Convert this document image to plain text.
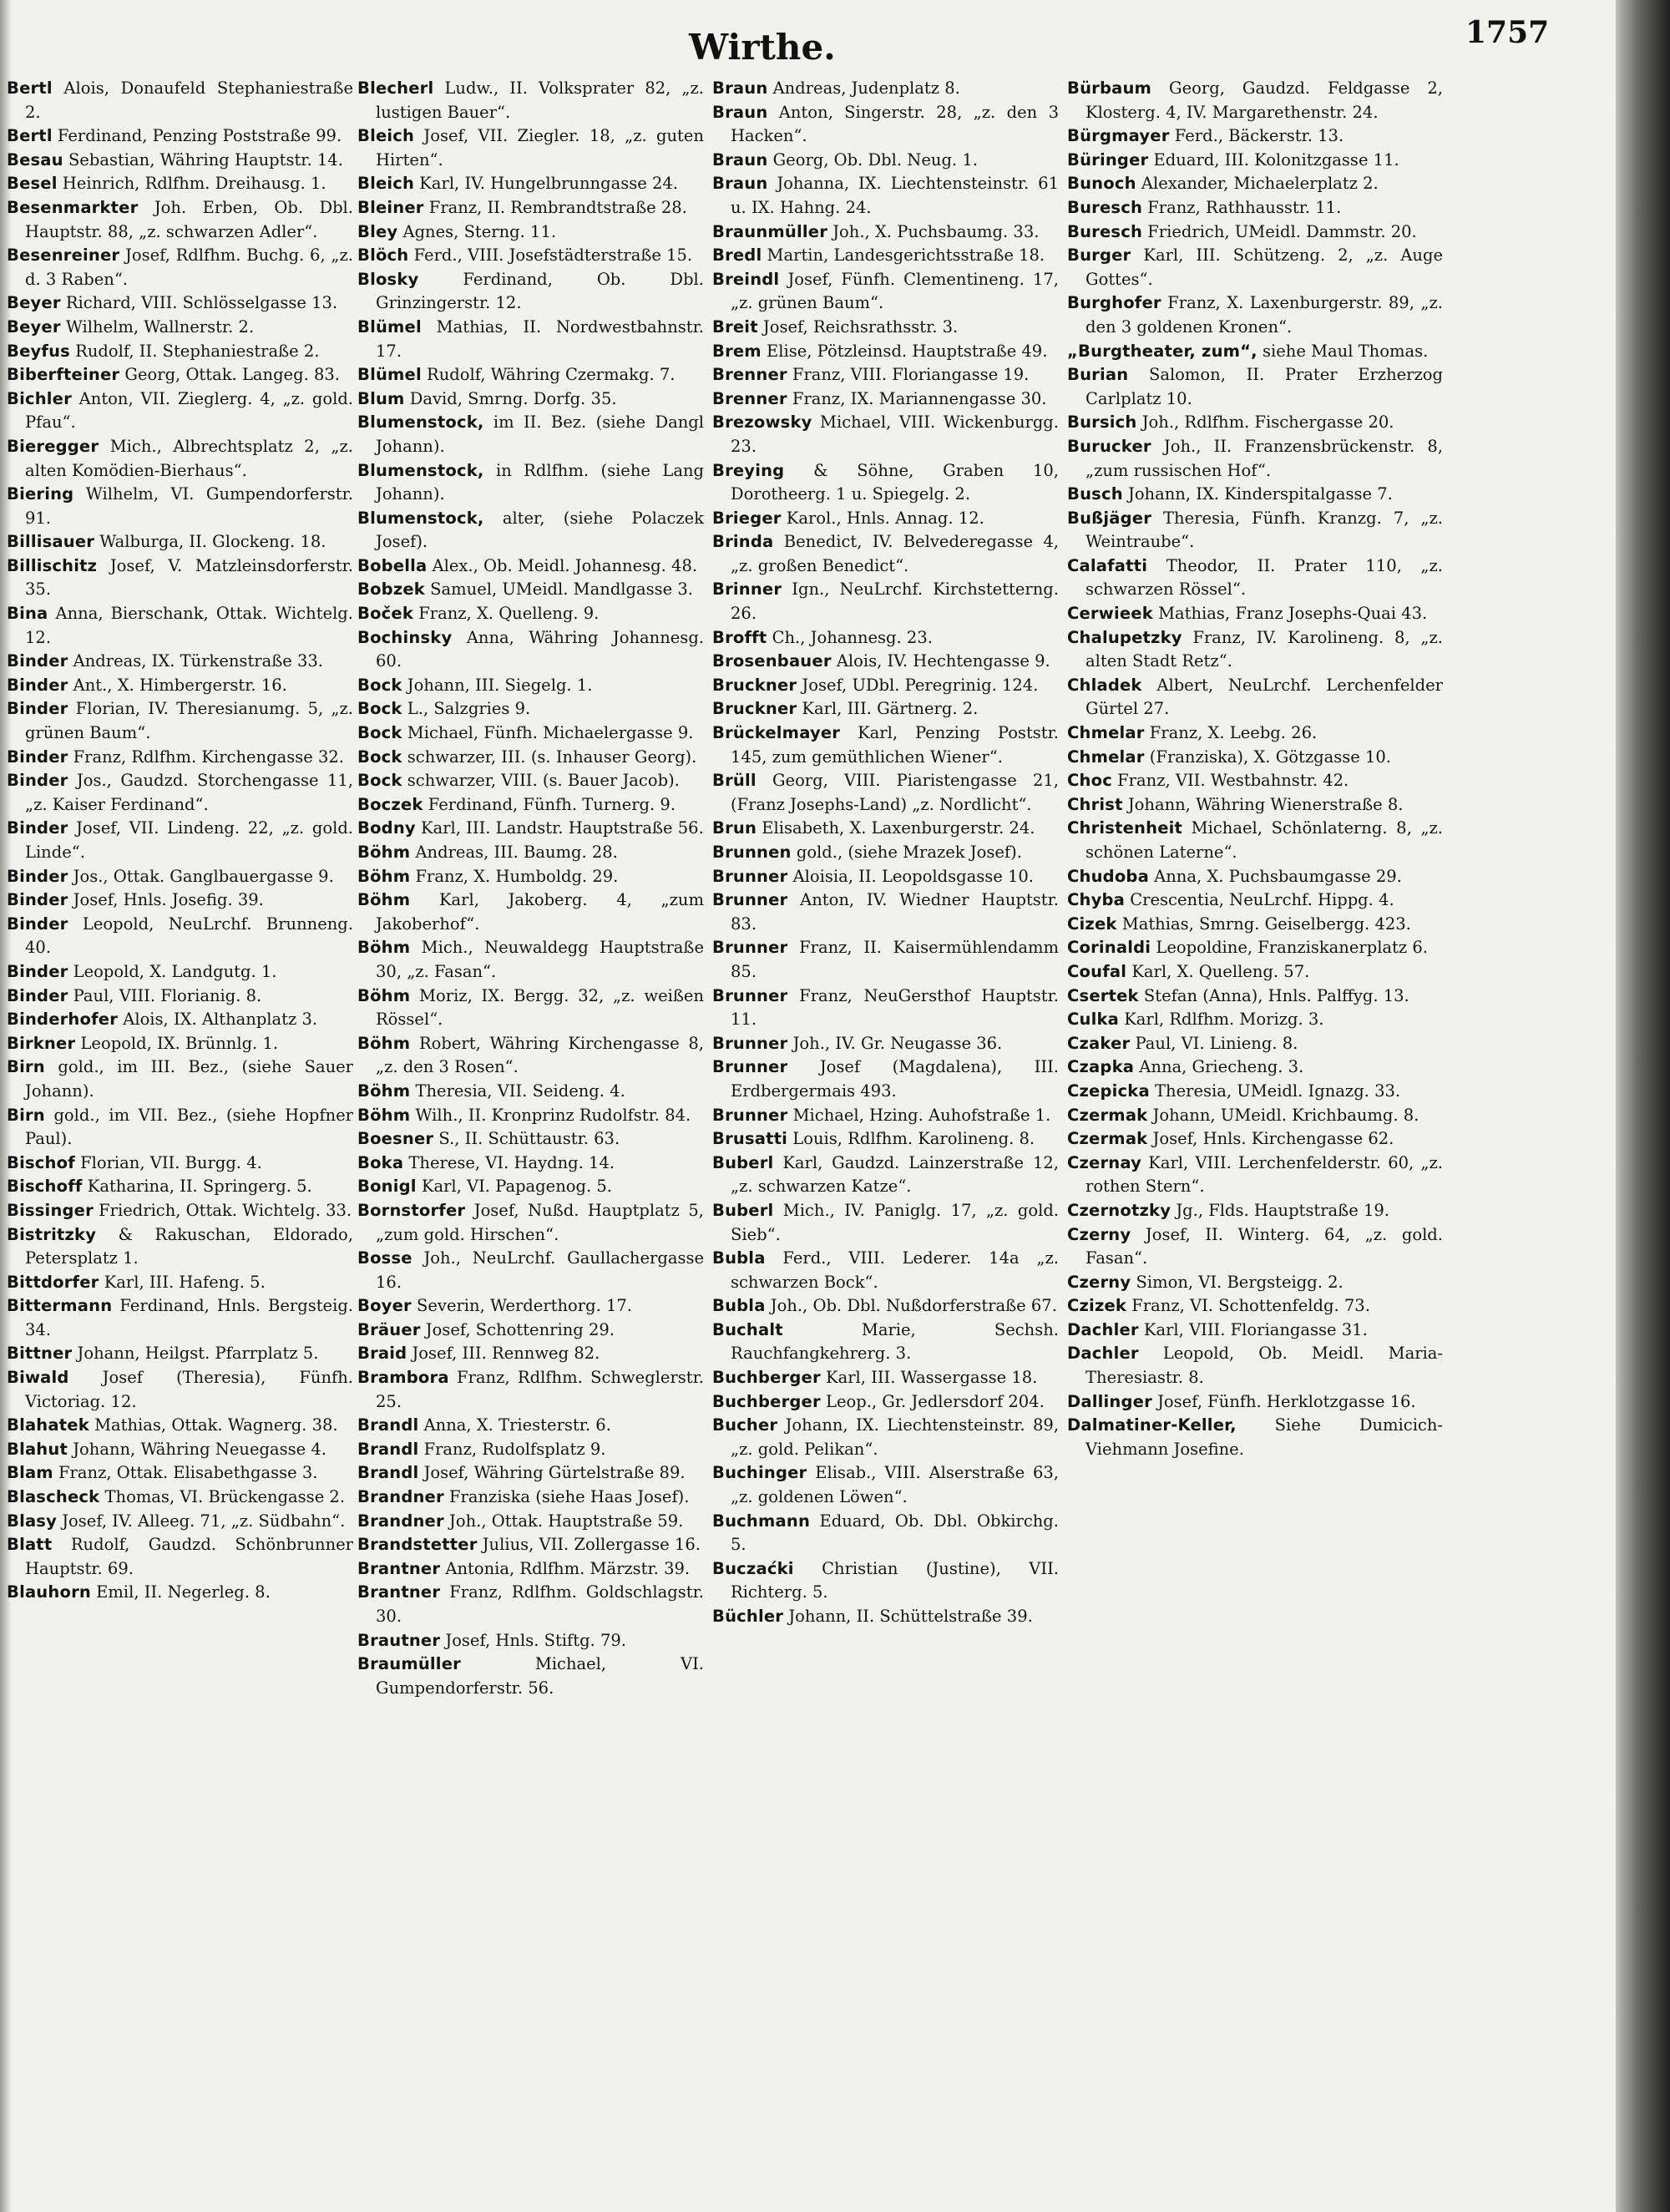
Wirthe.	1757

Bertl Alois, Donaufeld Stephaniestraße 2.

Bertl Ferdinand, Penzing Poststraße 99.

Besau Sebastian, Währing Hauptstr. 14.

Besel Heinrich, Rdlfhm. Dreihausg. 1.

Besenmarkter Joh. Erben, Ob. Dbl. Hauptstr. 88, „z. schwarzen Adler“.

Besenreiner Josef, Rdlfhm. Buchg. 6, „z. d. 3 Raben“.

Beyer Richard, VIII. Schlösselgasse 13.

Beyer Wilhelm, Wallnerstr. 2.

Beyfus Rudolf, II. Stephaniestraße 2.

Biberfteiner Georg, Ottak. Langeg. 83.

Bichler Anton, VII. Zieglerg. 4, „z. gold. Pfau“.

Bieregger Mich., Albrechtsplatz 2, „z. alten Komödien-Bierhaus“.

Biering Wilhelm, VI. Gumpendorferstr. 91.

Billisauer Walburga, II. Glockeng. 18.

Billischitz Josef, V. Matzleinsdorferstr. 35.

Bina Anna, Bierschank, Ottak. Wichtelg. 12.

Binder Andreas, IX. Türkenstraße 33.

Binder Ant., X. Himbergerstr. 16.

Binder Florian, IV. Theresianumg. 5, „z. grünen Baum“.

Binder Franz, Rdlfhm. Kirchengasse 32.

Binder Jos., Gaudzd. Storchengasse 11, „z. Kaiser Ferdinand“.

Binder Josef, VII. Lindeng. 22, „z. gold. Linde“.

Binder Jos., Ottak. Ganglbauergasse 9.

Binder Josef, Hnls. Josefig. 39.

Binder Leopold, NeuLrchf. Brunneng. 40.

Binder Leopold, X. Landgutg. 1.

Binder Paul, VIII. Florianig. 8.

Binderhofer Alois, IX. Althanplatz 3.

Birkner Leopold, IX. Brünnlg. 1.

Birn gold., im III. Bez., (siehe Sauer Johann).

Birn gold., im VII. Bez., (siehe Hopfner Paul).

Bischof Florian, VII. Burgg. 4.

Bischoff Katharina, II. Springerg. 5.

Bissinger Friedrich, Ottak. Wichtelg. 33.

Bistritzky & Rakuschan, Eldorado, Petersplatz 1.

Bittdorfer Karl, III. Hafeng. 5.

Bittermann Ferdinand, Hnls. Bergsteig. 34.

Bittner Johann, Heilgst. Pfarrplatz 5.

Biwald Josef (Theresia), Fünfh. Victoriag. 12.

Blahatek Mathias, Ottak. Wagnerg. 38.

Blahut Johann, Währing Neuegasse 4.

Blam Franz, Ottak. Elisabethgasse 3.

Blascheck Thomas, VI. Brückengasse 2.

Blasy Josef, IV. Alleeg. 71, „z. Südbahn“.

Blatt Rudolf, Gaudzd. Schönbrunner Hauptstr. 69.

Blauhorn Emil, II. Negerleg. 8.

Blecherl Ludw., II. Volksprater 82, „z. lustigen Bauer“.

Bleich Josef, VII. Ziegler. 18, „z. guten Hirten“.

Bleich Karl, IV. Hungelbrunngasse 24.

Bleiner Franz, II. Rembrandtstraße 28.

Bley Agnes, Sterng. 11.

Blöch Ferd., VIII. Josefstädterstraße 15.

Blosky Ferdinand, Ob. Dbl. Grinzingerstr. 12.

Blümel Mathias, II. Nordwestbahnstr. 17.

Blümel Rudolf, Währing Czermakg. 7.

Blum David, Smrng. Dorfg. 35.

Blumenstock, im II. Bez. (siehe Dangl Johann).

Blumenstock, in Rdlfhm. (siehe Lang Johann).

Blumenstock, alter, (siehe Polaczek Josef).

Bobella Alex., Ob. Meidl. Johannesg. 48.

Bobzek Samuel, UMeidl. Mandlgasse 3.

Boček Franz, X. Quelleng. 9.

Bochinsky Anna, Währing Johannesg. 60.

Bock Johann, III. Siegelg. 1.

Bock L., Salzgries 9.

Bock Michael, Fünfh. Michaelergasse 9.

Bock schwarzer, III. (s. Inhauser Georg).

Bock schwarzer, VIII. (s. Bauer Jacob).

Boczek Ferdinand, Fünfh. Turnerg. 9.

Bodny Karl, III. Landstr. Hauptstraße 56.

Böhm Andreas, III. Baumg. 28.

Böhm Franz, X. Humboldg. 29.

Böhm Karl, Jakoberg. 4, „zum Jakoberhof“.

Böhm Mich., Neuwaldegg Hauptstraße 30, „z. Fasan“.

Böhm Moriz, IX. Bergg. 32, „z. weißen Rössel“.

Böhm Robert, Währing Kirchengasse 8, „z. den 3 Rosen“.

Böhm Theresia, VII. Seideng. 4.

Böhm Wilh., II. Kronprinz Rudolfstr. 84.

Boesner S., II. Schüttaustr. 63.

Boka Therese, VI. Haydng. 14.

Bonigl Karl, VI. Papagenog. 5.

Bornstorfer Josef, Nußd. Hauptplatz 5, „zum gold. Hirschen“.

Bosse Joh., NeuLrchf. Gaullachergasse 16.

Boyer Severin, Werderthorg. 17.

Bräuer Josef, Schottenring 29.

Braid Josef, III. Rennweg 82.

Brambora Franz, Rdlfhm. Schweglerstr. 25.

Brandl Anna, X. Triesterstr. 6.

Brandl Franz, Rudolfsplatz 9.

Brandl Josef, Währing Gürtelstraße 89.

Brandner Franziska (siehe Haas Josef).

Brandner Joh., Ottak. Hauptstraße 59.

Brandstetter Julius, VII. Zollergasse 16.

Brantner Antonia, Rdlfhm. Märzstr. 39.

Brantner Franz, Rdlfhm. Goldschlagstr. 30.

Brautner Josef, Hnls. Stiftg. 79.

Braumüller Michael, VI. Gumpendorferstr. 56.

Braun Andreas, Judenplatz 8.

Braun Anton, Singerstr. 28, „z. den 3 Hacken“.

Braun Georg, Ob. Dbl. Neug. 1.

Braun Johanna, IX. Liechtensteinstr. 61 u. IX. Hahng. 24.

Braunmüller Joh., X. Puchsbaumg. 33.

Bredl Martin, Landesgerichtsstraße 18.

Breindl Josef, Fünfh. Clementineng. 17, „z. grünen Baum“.

Breit Josef, Reichsrathsstr. 3.

Brem Elise, Pötzleinsd. Hauptstraße 49.

Brenner Franz, VIII. Floriangasse 19.

Brenner Franz, IX. Mariannengasse 30.

Brezowsky Michael, VIII. Wickenburgg. 23.

Breying & Söhne, Graben 10, Dorotheerg. 1 u. Spiegelg. 2.

Brieger Karol., Hnls. Annag. 12.

Brinda Benedict, IV. Belvederegasse 4, „z. großen Benedict“.

Brinner Ign., NeuLrchf. Kirchstetterng. 26.

Brofft Ch., Johannesg. 23.

Brosenbauer Alois, IV. Hechtengasse 9.

Bruckner Josef, UDbl. Peregrinig. 124.

Bruckner Karl, III. Gärtnerg. 2.

Brückelmayer Karl, Penzing Poststr. 145, zum gemüthlichen Wiener“.

Brüll Georg, VIII. Piaristengasse 21, (Franz Josephs-Land) „z. Nordlicht“.

Brun Elisabeth, X. Laxenburgerstr. 24.

Brunnen gold., (siehe Mrazek Josef).

Brunner Aloisia, II. Leopoldsgasse 10.

Brunner Anton, IV. Wiedner Hauptstr. 83.

Brunner Franz, II. Kaisermühlendamm 85.

Brunner Franz, NeuGersthof Hauptstr. 11.

Brunner Joh., IV. Gr. Neugasse 36.

Brunner Josef (Magdalena), III. Erdbergermais 493.

Brunner Michael, Hzing. Auhofstraße 1.

Brusatti Louis, Rdlfhm. Karolineng. 8.

Buberl Karl, Gaudzd. Lainzerstraße 12, „z. schwarzen Katze“.

Buberl Mich., IV. Paniglg. 17, „z. gold. Sieb“.

Bubla Ferd., VIII. Lederer. 14a „z. schwarzen Bock“.

Bubla Joh., Ob. Dbl. Nußdorferstraße 67.

Buchalt Marie, Sechsh. Rauchfangkehrerg. 3.

Buchberger Karl, III. Wassergasse 18.

Buchberger Leop., Gr. Jedlersdorf 204.

Bucher Johann, IX. Liechtensteinstr. 89, „z. gold. Pelikan“.

Buchinger Elisab., VIII. Alserstraße 63, „z. goldenen Löwen“.

Buchmann Eduard, Ob. Dbl. Obkirchg. 5.

Buczaćki Christian (Justine), VII. Richterg. 5.

Büchler Johann, II. Schüttelstraße 39.

Bürbaum Georg, Gaudzd. Feldgasse 2, Klosterg. 4, IV. Margarethenstr. 24.

Bürgmayer Ferd., Bäckerstr. 13.

Büringer Eduard, III. Kolonitzgasse 11.

Bunoch Alexander, Michaelerplatz 2.

Buresch Franz, Rathhausstr. 11.

Buresch Friedrich, UMeidl. Dammstr. 20.

Burger Karl, III. Schützeng. 2, „z. Auge Gottes“.

Burghofer Franz, X. Laxenburgerstr. 89, „z. den 3 goldenen Kronen“.

„Burgtheater, zum“, siehe Maul Thomas.

Burian Salomon, II. Prater Erzherzog Carlplatz 10.

Bursich Joh., Rdlfhm. Fischergasse 20.

Burucker Joh., II. Franzensbrückenstr. 8, „zum russischen Hof“.

Busch Johann, IX. Kinderspitalgasse 7.

Bußjäger Theresia, Fünfh. Kranzg. 7, „z. Weintraube“.

Calafatti Theodor, II. Prater 110, „z. schwarzen Rössel“.

Cerwieek Mathias, Franz Josephs-Quai 43.

Chalupetzky Franz, IV. Karolineng. 8, „z. alten Stadt Retz“.

Chladek Albert, NeuLrchf. Lerchenfelder Gürtel 27.

Chmelar Franz, X. Leebg. 26.

Chmelar (Franziska), X. Götzgasse 10.

Choc Franz, VII. Westbahnstr. 42.

Christ Johann, Währing Wienerstraße 8.

Christenheit Michael, Schönlaterng. 8, „z. schönen Laterne“.

Chudoba Anna, X. Puchsbaumgasse 29.

Chyba Crescentia, NeuLrchf. Hippg. 4.

Cizek Mathias, Smrng. Geiselbergg. 423.

Corinaldi Leopoldine, Franziskanerplatz 6.

Coufal Karl, X. Quelleng. 57.

Csertek Stefan (Anna), Hnls. Palffyg. 13.

Culka Karl, Rdlfhm. Morizg. 3.

Czaker Paul, VI. Linieng. 8.

Czapka Anna, Griecheng. 3.

Czepicka Theresia, UMeidl. Ignazg. 33.

Czermak Johann, UMeidl. Krichbaumg. 8.

Czermak Josef, Hnls. Kirchengasse 62.

Czernay Karl, VIII. Lerchenfelderstr. 60, „z. rothen Stern“.

Czernotzky Jg., Flds. Hauptstraße 19.

Czerny Josef, II. Winterg. 64, „z. gold. Fasan“.

Czerny Simon, VI. Bergsteigg. 2.

Czizek Franz, VI. Schottenfeldg. 73.

Dachler Karl, VIII. Floriangasse 31.

Dachler Leopold, Ob. Meidl. Maria-Theresiastr. 8.

Dallinger Josef, Fünfh. Herklotzgasse 16.

Dalmatiner-Keller, Siehe Dumicich-Viehmann Josefine.
